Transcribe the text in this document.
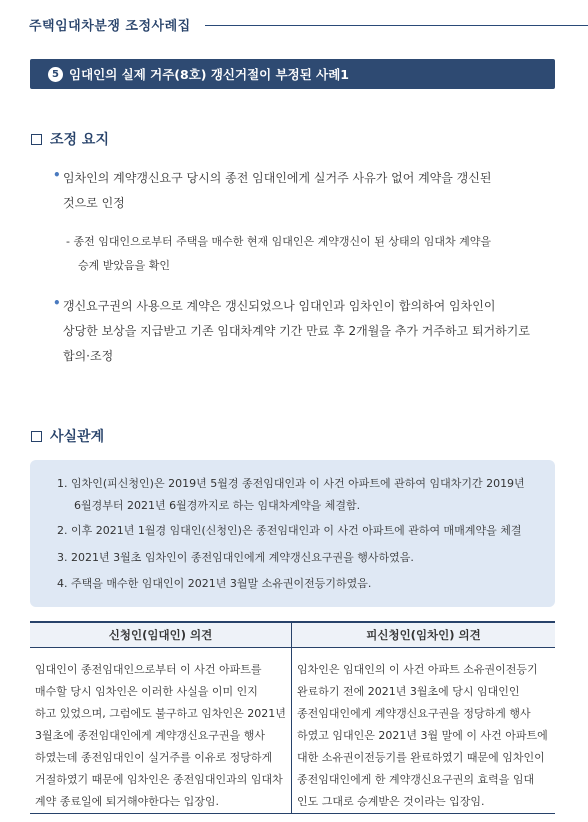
주택임대차분쟁 조정사례집
5 임대인의 실제 거주(8호) 갱신거절이 부정된 사례1
조정 요지
• 임차인의 계약갱신요구 당시의 종전 임대인에게 실거주 사유가 없어 계약을 갱신된
것으로 인정
- 종전 임대인으로부터 주택을 매수한 현재 임대인은 계약갱신이 된 상태의 임대차 계약을
승계 받았음을 확인
• 갱신요구권의 사용으로 계약은 갱신되었으나 임대인과 임차인이 합의하여 임차인이
상당한 보상을 지급받고 기존 임대차계약 기간 만료 후 2개월을 추가 거주하고 퇴거하기로
합의·조정
사실관계
1. 임차인(피신청인)은 2019년 5월경 종전임대인과 이 사건 아파트에 관하여 임대차기간 2019년
6월경부터 2021년 6월경까지로 하는 임대차계약을 체결함.
2. 이후 2021년 1월경 임대인(신청인)은 종전임대인과 이 사건 아파트에 관하여 매매계약을 체결
3. 2021년 3월초 임차인이 종전임대인에게 계약갱신요구권을 행사하였음.
4. 주택을 매수한 임대인이 2021년 3월말 소유권이전등기하였음.
신청인(임대인) 의견	피신청인(임차인) 의견
임대인이 종전임대인으로부터 이 사건 아파트를
매수할 당시 임차인은 이러한 사실을 이미 인지
하고 있었으며, 그럼에도 불구하고 임차인은 2021년
3월초에 종전임대인에게 계약갱신요구권을 행사
하였는데 종전임대인이 실거주를 이유로 정당하게
거절하였기 때문에 임차인은 종전임대인과의 임대차
계약 종료일에 퇴거해야한다는 입장임.
임차인은 임대인의 이 사건 아파트 소유권이전등기
완료하기 전에 2021년 3월초에 당시 임대인인
종전임대인에게 계약갱신요구권을 정당하게 행사
하였고 임대인은 2021년 3월 말에 이 사건 아파트에
대한 소유권이전등기를 완료하였기 때문에 임차인이
종전임대인에게 한 계약갱신요구권의 효력을 임대
인도 그대로 승계받은 것이라는 입장임.
